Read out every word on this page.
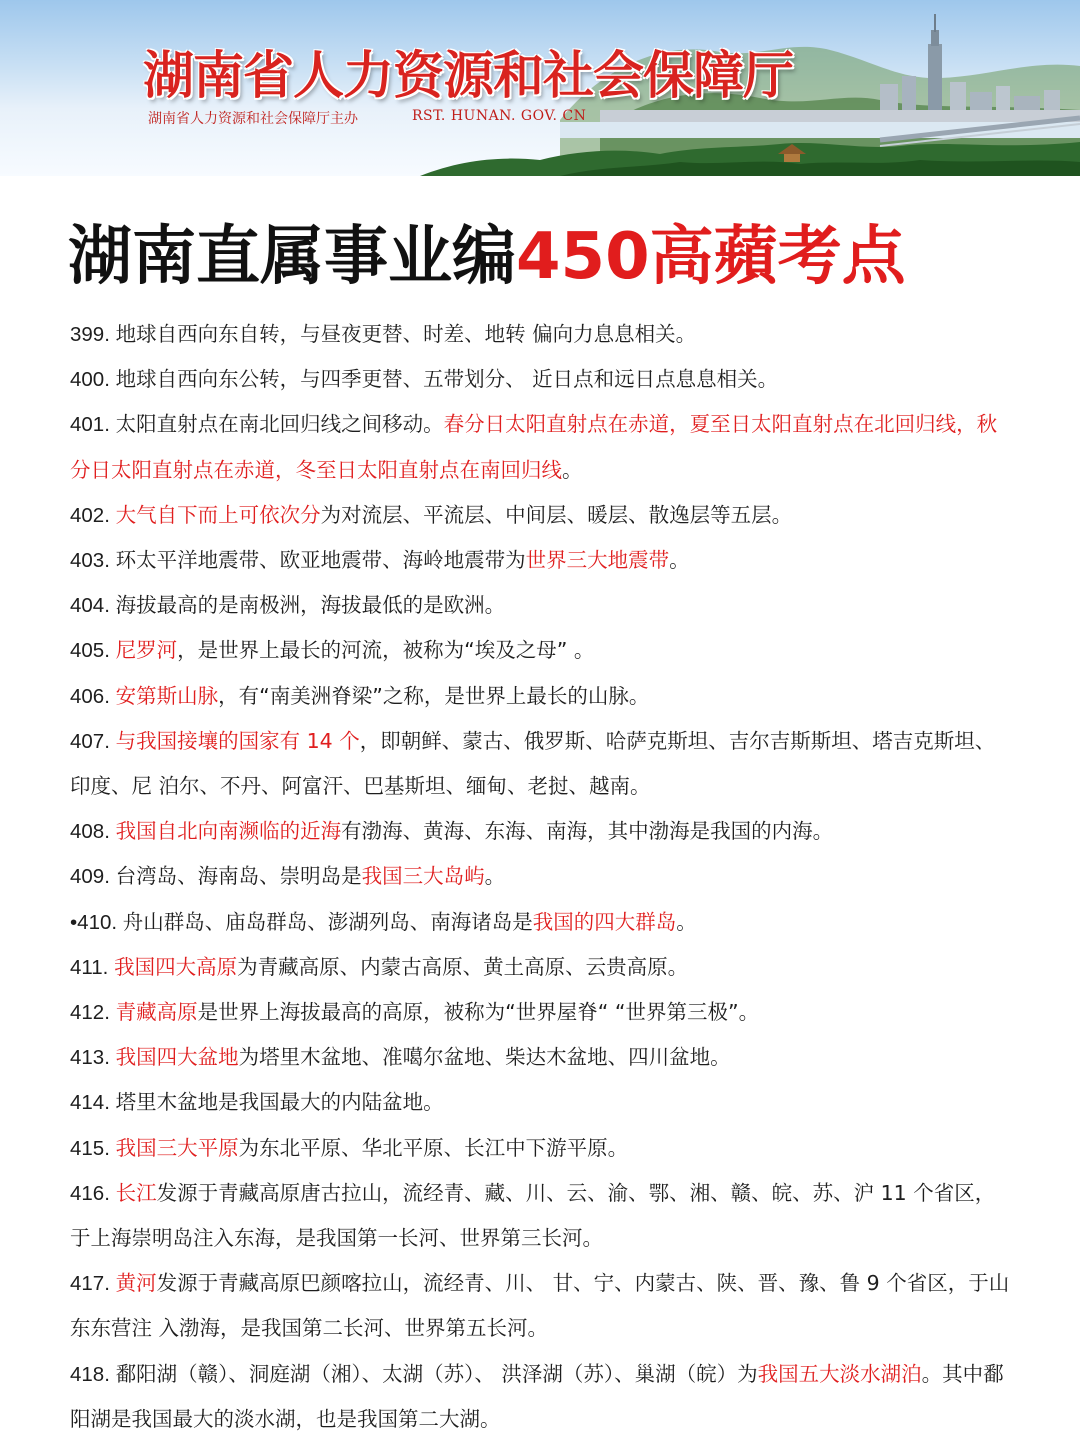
湖南省人力资源和社会保障厅
湖南省人力资源和社会保障厅主办	RST. HUNAN. GOV. CN
湖南直属事业编450高蘋考点

399. 地球自西向东自转，与昼夜更替、时差、地转 偏向力息息相关。

400. 地球自西向东公转，与四季更替、五带划分、 近日点和远日点息息相关。

401. 太阳直射点在南北回归线之间移动。春分日太阳直射点在赤道，夏至日太阳直射点在北回归线，秋分日太阳直射点在赤道，冬至日太阳直射点在南回归线。

402. 大气自下而上可依次分为对流层、平流层、中间层、暖层、散逸层等五层。

403. 环太平洋地震带、欧亚地震带、海岭地震带为世界三大地震带。

404. 海拔最高的是南极洲，海拔最低的是欧洲。

405. 尼罗河，是世界上最长的河流，被称为“埃及之母” 。

406. 安第斯山脉，有“南美洲脊梁”之称，是世界上最长的山脉。

407. 与我国接壤的国家有 14 个，即朝鲜、蒙古、俄罗斯、哈萨克斯坦、吉尔吉斯斯坦、塔吉克斯坦、印度、尼 泊尔、不丹、阿富汗、巴基斯坦、缅甸、老挝、越南。

408. 我国自北向南濒临的近海有渤海、黄海、东海、南海，其中渤海是我国的内海。

409. 台湾岛、海南岛、崇明岛是我国三大岛屿。

•410. 舟山群岛、庙岛群岛、澎湖列岛、南海诸岛是我国的四大群岛。

411. 我国四大高原为青藏高原、内蒙古高原、黄土高原、云贵高原。

412. 青藏高原是世界上海拔最高的高原，被称为“世界屋脊“ “世界第三极”。

413. 我国四大盆地为塔里木盆地、准噶尔盆地、柴达木盆地、四川盆地。

414. 塔里木盆地是我国最大的内陆盆地。

415. 我国三大平原为东北平原、华北平原、长江中下游平原。

416. 长江发源于青藏高原唐古拉山，流经青、藏、川、云、渝、鄂、湘、赣、皖、苏、沪 11 个省区，于上海崇明岛注入东海，是我国第一长河、世界第三长河。

417. 黄河发源于青藏高原巴颜喀拉山，流经青、川、 甘、宁、内蒙古、陕、晋、豫、鲁 9 个省区，于山东东营注 入渤海，是我国第二长河、世界第五长河。

418. 鄱阳湖（赣）、洞庭湖（湘）、太湖（苏）、 洪泽湖（苏）、巢湖（皖）为我国五大淡水湖泊。其中鄱阳湖是我国最大的淡水湖，也是我国第二大湖。
